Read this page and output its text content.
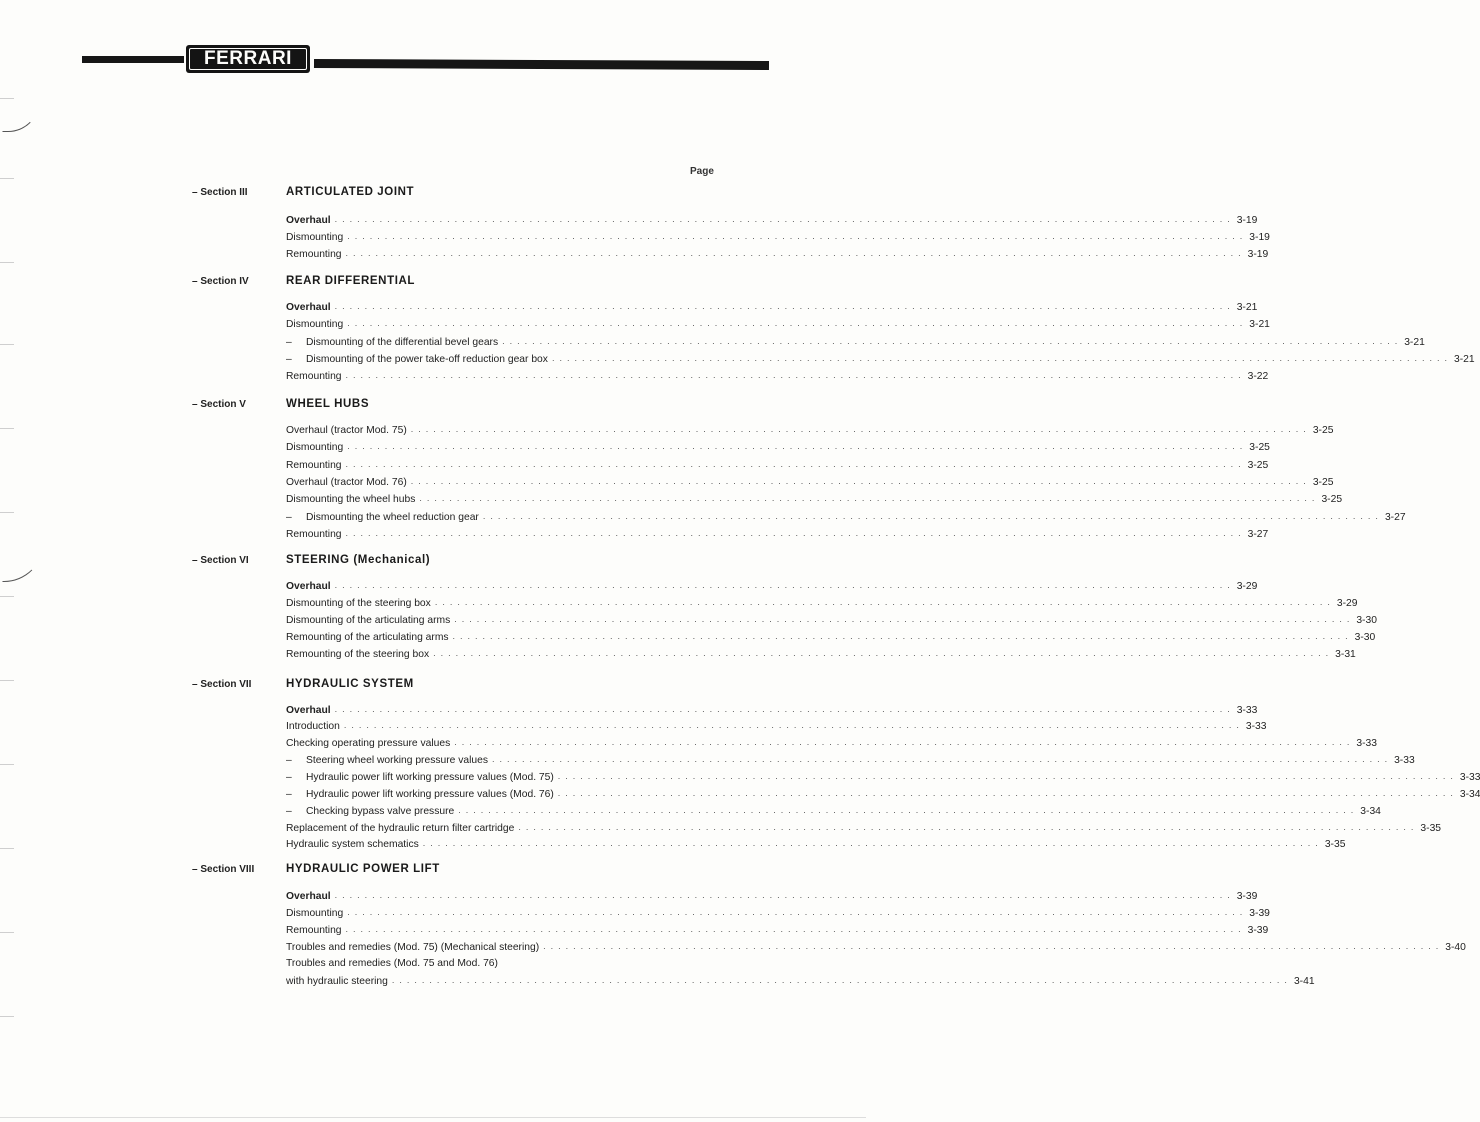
FERRARI
Page
– Section III	ARTICULATED JOINT
Overhaul ........................................................................................................................ 3-19
Dismounting ........................................................................................................................ 3-19
Remounting ........................................................................................................................ 3-19
– Section IV	REAR DIFFERENTIAL
Overhaul ........................................................................................................................ 3-21
Dismounting ........................................................................................................................ 3-21
–	Dismounting of the differential bevel gears ........................................................................................................................ 3-21
–	Dismounting of the power take-off reduction gear box ........................................................................................................................ 3-21
Remounting ........................................................................................................................ 3-22
– Section V	WHEEL HUBS
Overhaul (tractor Mod. 75) ........................................................................................................................ 3-25
Dismounting ........................................................................................................................ 3-25
Remounting ........................................................................................................................ 3-25
Overhaul (tractor Mod. 76) ........................................................................................................................ 3-25
Dismounting the wheel hubs ........................................................................................................................ 3-25
–	Dismounting the wheel reduction gear ........................................................................................................................ 3-27
Remounting ........................................................................................................................ 3-27
– Section VI	STEERING (Mechanical)
Overhaul ........................................................................................................................ 3-29
Dismounting of the steering box ........................................................................................................................ 3-29
Dismounting of the articulating arms ........................................................................................................................ 3-30
Remounting of the articulating arms ........................................................................................................................ 3-30
Remounting of the steering box ........................................................................................................................ 3-31
– Section VII	HYDRAULIC SYSTEM
Overhaul ........................................................................................................................ 3-33
Introduction ........................................................................................................................ 3-33
Checking operating pressure values ........................................................................................................................ 3-33
–	Steering wheel working pressure values ........................................................................................................................ 3-33
–	Hydraulic power lift working pressure values (Mod. 75) ........................................................................................................................ 3-33
–	Hydraulic power lift working pressure values (Mod. 76) ........................................................................................................................ 3-34
–	Checking bypass valve pressure ........................................................................................................................ 3-34
Replacement of the hydraulic return filter cartridge ........................................................................................................................ 3-35
Hydraulic system schematics ........................................................................................................................ 3-35
– Section VIII	HYDRAULIC POWER LIFT
Overhaul ........................................................................................................................ 3-39
Dismounting ........................................................................................................................ 3-39
Remounting ........................................................................................................................ 3-39
Troubles and remedies (Mod. 75) (Mechanical steering) ........................................................................................................................ 3-40
Troubles and remedies (Mod. 75 and Mod. 76)
with hydraulic steering ........................................................................................................................ 3-41
